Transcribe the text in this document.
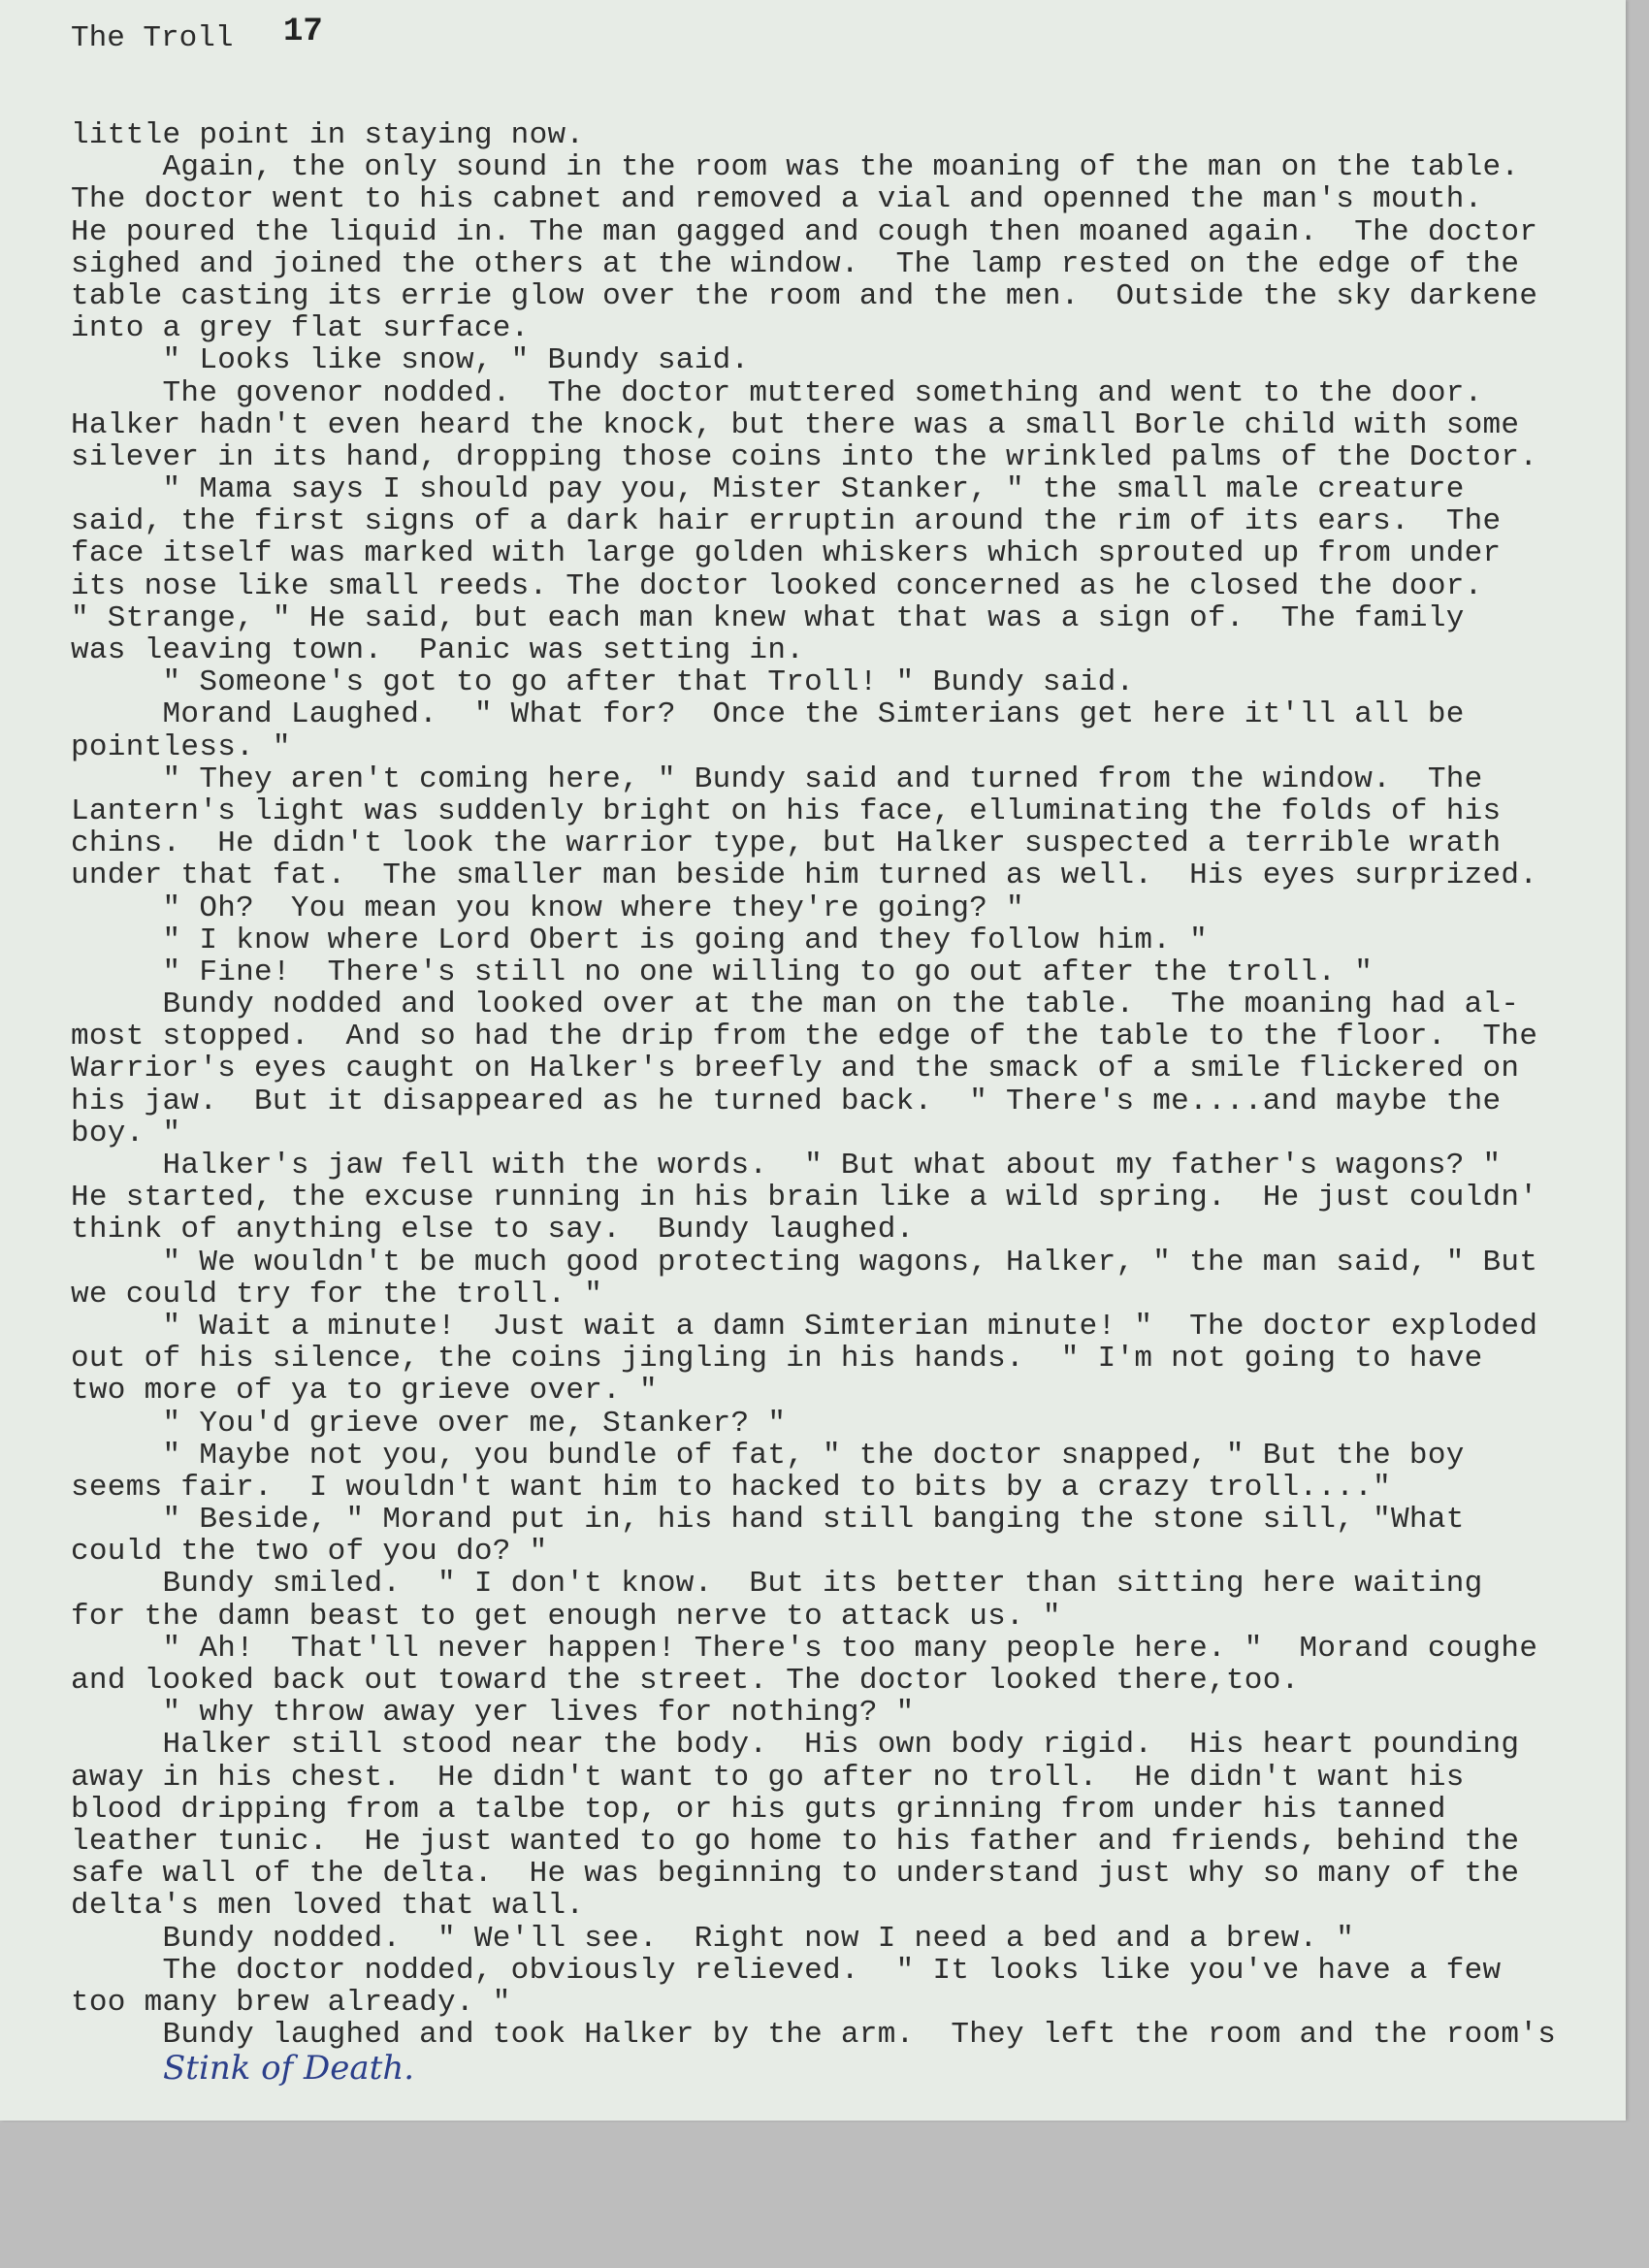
The Troll 17
little point in staying now.
Again, the only sound in the room was the moaning of the man on the table.
The doctor went to his cabnet and removed a vial and openned the man's mouth.
He poured the liquid in. The man gagged and cough then moaned again.  The doctor
sighed and joined the others at the window.  The lamp rested on the edge of the
table casting its errie glow over the room and the men.  Outside the sky darkene
into a grey flat surface.
" Looks like snow, " Bundy said.
The govenor nodded.  The doctor muttered something and went to the door.
Halker hadn't even heard the knock, but there was a small Borle child with some
silever in its hand, dropping those coins into the wrinkled palms of the Doctor.
" Mama says I should pay you, Mister Stanker, " the small male creature
said, the first signs of a dark hair erruptin around the rim of its ears.  The
face itself was marked with large golden whiskers which sprouted up from under
its nose like small reeds. The doctor looked concerned as he closed the door.
" Strange, " He said, but each man knew what that was a sign of.  The family
was leaving town.  Panic was setting in.
" Someone's got to go after that Troll! " Bundy said.
Morand Laughed.  " What for?  Once the Simterians get here it'll all be
pointless. "
" They aren't coming here, " Bundy said and turned from the window.  The
Lantern's light was suddenly bright on his face, elluminating the folds of his
chins.  He didn't look the warrior type, but Halker suspected a terrible wrath
under that fat.  The smaller man beside him turned as well.  His eyes surprized.
" Oh?  You mean you know where they're going? "
" I know where Lord Obert is going and they follow him. "
" Fine!  There's still no one willing to go out after the troll. "
Bundy nodded and looked over at the man on the table.  The moaning had al-
most stopped.  And so had the drip from the edge of the table to the floor.  The
Warrior's eyes caught on Halker's breefly and the smack of a smile flickered on
his jaw.  But it disappeared as he turned back.  " There's me....and maybe the
boy. "
Halker's jaw fell with the words.  " But what about my father's wagons? "
He started, the excuse running in his brain like a wild spring.  He just couldn'
think of anything else to say.  Bundy laughed.
" We wouldn't be much good protecting wagons, Halker, " the man said, " But
we could try for the troll. "
" Wait a minute!  Just wait a damn Simterian minute! "  The doctor exploded
out of his silence, the coins jingling in his hands.  " I'm not going to have
two more of ya to grieve over. "
" You'd grieve over me, Stanker? "
" Maybe not you, you bundle of fat, " the doctor snapped, " But the boy
seems fair.  I wouldn't want him to hacked to bits by a crazy troll...."
" Beside, " Morand put in, his hand still banging the stone sill, "What
could the two of you do? "
Bundy smiled.  " I don't know.  But its better than sitting here waiting
for the damn beast to get enough nerve to attack us. "
" Ah!  That'll never happen! There's too many people here. "  Morand coughe
and looked back out toward the street. The doctor looked there,too.
" why throw away yer lives for nothing? "
Halker still stood near the body.  His own body rigid.  His heart pounding
away in his chest.  He didn't want to go after no troll.  He didn't want his
blood dripping from a talbe top, or his guts grinning from under his tanned
leather tunic.  He just wanted to go home to his father and friends, behind the
safe wall of the delta.  He was beginning to understand just why so many of the
delta's men loved that wall.
Bundy nodded.  " We'll see.  Right now I need a bed and a brew. "
The doctor nodded, obviously relieved.  " It looks like you've have a few
too many brew already. "
Bundy laughed and took Halker by the arm.  They left the room and the room's
Stink of Death.
